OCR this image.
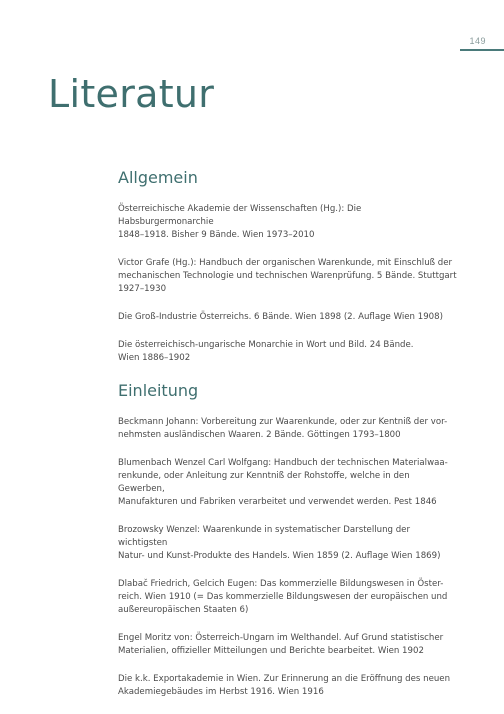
149
Literatur
Allgemein

Österreichische Akademie der Wissenschaften (Hg.): Die Habsburgermonarchie
1848–1918. Bisher 9 Bände. Wien 1973–2010

Victor Grafe (Hg.): Handbuch der organischen Warenkunde, mit Einschluß der
mechanischen Technologie und technischen Warenprüfung. 5 Bände. Stuttgart
1927–1930

Die Groß-Industrie Österreichs. 6 Bände. Wien 1898 (2. Auflage Wien 1908)

Die österreichisch-ungarische Monarchie in Wort und Bild. 24 Bände.
Wien 1886–1902

Einleitung

Beckmann Johann: Vorbereitung zur Waarenkunde, oder zur Kentniß der vor-
nehmsten ausländischen Waaren. 2 Bände. Göttingen 1793–1800

Blumenbach Wenzel Carl Wolfgang: Handbuch der technischen Materialwaa-
renkunde, oder Anleitung zur Kenntniß der Rohstoffe, welche in den Gewerben,
Manufakturen und Fabriken verarbeitet und verwendet werden. Pest 1846

Brozowsky Wenzel: Waarenkunde in systematischer Darstellung der wichtigsten
Natur- und Kunst-Produkte des Handels. Wien 1859 (2. Auflage Wien 1869)

Dlabač Friedrich, Gelcich Eugen: Das kommerzielle Bildungswesen in Öster-
reich. Wien 1910 (= Das kommerzielle Bildungswesen der europäischen und
außereuropäischen Staaten 6)

Engel Moritz von: Österreich-Ungarn im Welthandel. Auf Grund statistischer
Materialien, offizieller Mitteilungen und Berichte bearbeitet. Wien 1902

Die k.k. Exportakademie in Wien. Zur Erinnerung an die Eröffnung des neuen
Akademiegebäudes im Herbst 1916. Wien 1916
